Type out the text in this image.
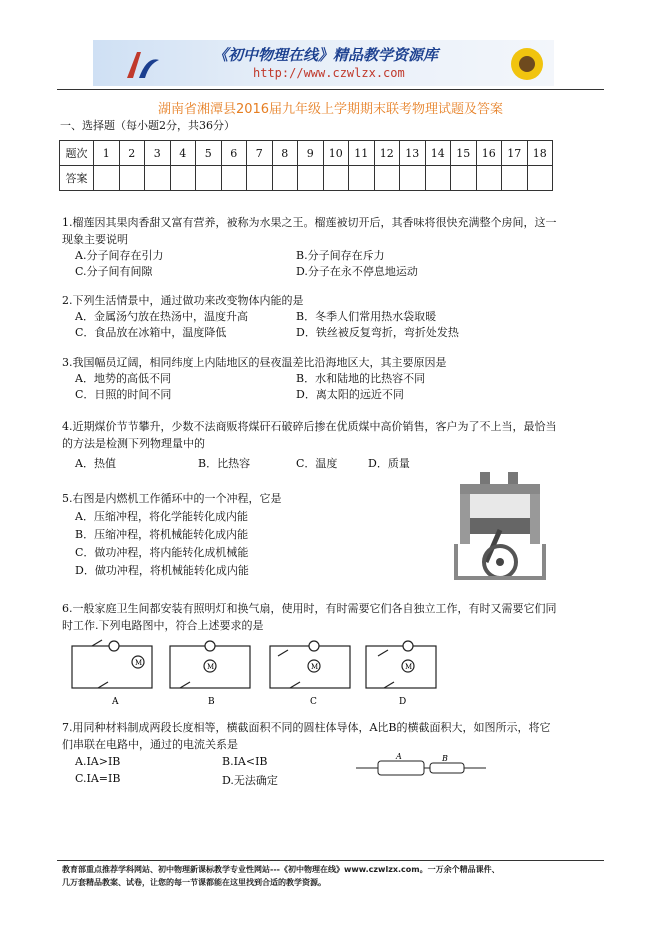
《初中物理在线》精品教学资源库
http://www.czwlzx.com
湖南省湘潭县2016届九年级上学期期末联考物理试题及答案
一、选择题（每小题2分，共36分）
题次	1	2	3	4	5	6	7	8	9	10	11	12	13	14	15	16	17	18
答案																		
1.榴莲因其果肉香甜又富有营养，被称为水果之王。榴莲被切开后，其香味将很快充满整个房间，这一
现象主要说明
A.分子间存在引力	B.分子间存在斥力
C.分子间有间隙	D.分子在永不停息地运动
2.下列生活情景中，通过做功来改变物体内能的是
A．金属汤勺放在热汤中，温度升高	B．冬季人们常用热水袋取暖
C．食品放在冰箱中，温度降低	D．铁丝被反复弯折，弯折处发热
3.我国幅员辽阔，相同纬度上内陆地区的昼夜温差比沿海地区大，其主要原因是
A．地势的高低不同	B．水和陆地的比热容不同
C．日照的时间不同	D．离太阳的远近不同
4.近期煤价节节攀升，少数不法商贩将煤矸石破碎后掺在优质煤中高价销售，客户为了不上当，最恰当
的方法是检测下列物理量中的
A．热值	B．比热容	C．温度	D．质量
5.右图是内燃机工作循环中的一个冲程，它是
A．压缩冲程，将化学能转化成内能
B．压缩冲程，将机械能转化成内能
C．做功冲程，将内能转化成机械能
D．做功冲程，将机械能转化成内能
6.一般家庭卫生间都安装有照明灯和换气扇，使用时，有时需要它们各自独立工作，有时又需要它们同
时工作.下列电路图中，符合上述要求的是
M	M	M	M
A	B	C	D
7.用同种材料制成两段长度相等，横截面积不同的圆柱体导体，A比B的横截面积大，如图所示，将它
们串联在电路中，通过的电流关系是
A.IA>IB	B.IA<IB
C.IA=IB	D.无法确定
A	B
教育部重点推荐学科网站、初中物理新课标教学专业性网站---《初中物理在线》www.czwlzx.com。一万余个精品课件、
几万套精品教案、试卷，让您的每一节课都能在这里找到合适的教学资源。
